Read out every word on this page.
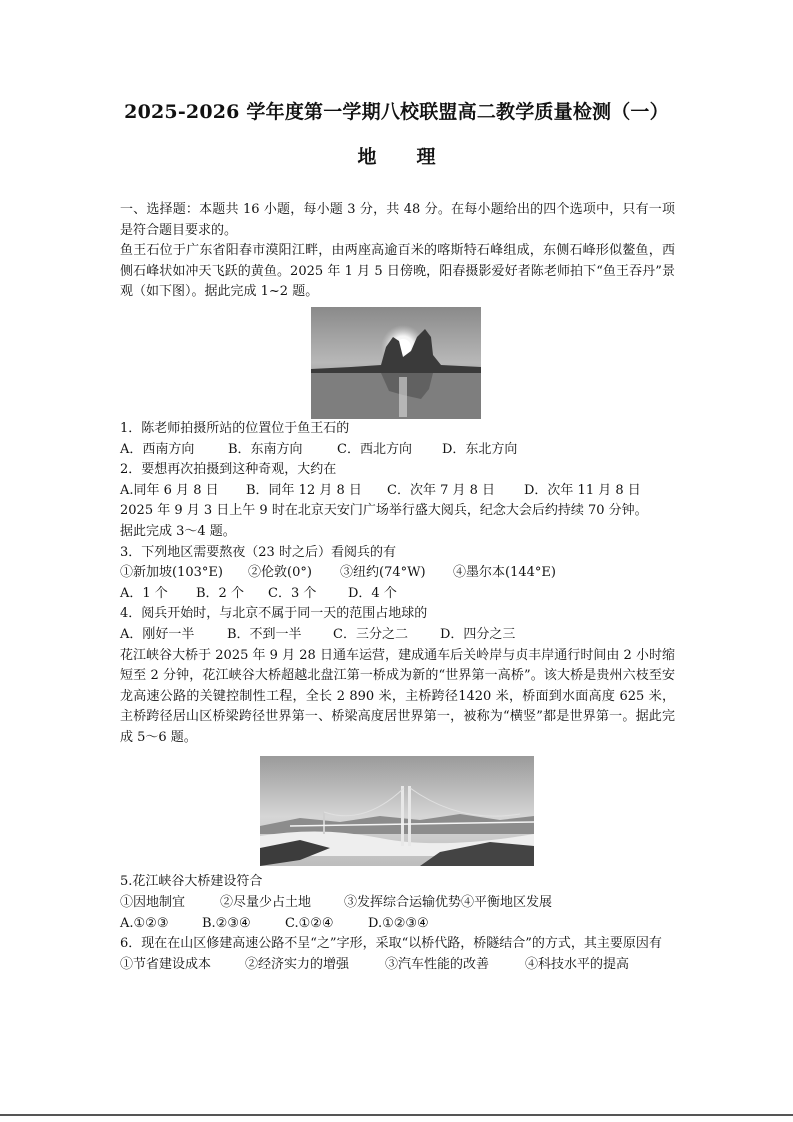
2025-2026 学年度第一学期八校联盟高二教学质量检测（一）
地 理

一、选择题：本题共 16 小题，每小题 3 分，共 48 分。在每小题给出的四个选项中，只有一项是符合题目要求的。

鱼王石位于广东省阳春市漠阳江畔，由两座高逾百米的喀斯特石峰组成，东侧石峰形似鳌鱼，西侧石峰状如冲天飞跃的黄鱼。2025 年 1 月 5 日傍晚，阳春摄影爱好者陈老师拍下“鱼王吞丹”景观（如下图）。据此完成 1~2 题。

1．陈老师拍摄所站的位置位于鱼王石的

A．西南方向	B．东南方向	C．西北方向 D．东北方向

2．要想再次拍摄到这种奇观，大约在

A.同年 6 月 8 日 B．同年 12 月 8 日 C．次年 7 月 8 日 D．次年 11 月 8 日

2025 年 9 月 3 日上午 9 时在北京天安门广场举行盛大阅兵，纪念大会后约持续 70 分钟。

据此完成 3～4 题。

3．下列地区需要熬夜（23 时之后）看阅兵的有

①新加坡(103°E) ②伦敦(0°) ③纽约(74°W) ④墨尔本(144°E)

A．1 个 B．2 个 C．3 个 D．4 个

4．阅兵开始时，与北京不属于同一天的范围占地球的

A．刚好一半	B．不到一半 C．三分之二 D．四分之三

花江峡谷大桥于 2025 年 9 月 28 日通车运营，建成通车后关岭岸与贞丰岸通行时间由 2 小时缩短至 2 分钟，花江峡谷大桥超越北盘江第一桥成为新的“世界第一高桥”。该大桥是贵州六枝至安龙高速公路的关键控制性工程，全长 2 890 米，主桥跨径1420 米，桥面到水面高度 625 米，主桥跨径居山区桥梁跨径世界第一、桥梁高度居世界第一，被称为“横竖”都是世界第一。据此完成 5～6 题。

5.花江峡谷大桥建设符合

①因地制宜	②尽量少占土地	③发挥综合运输优势④平衡地区发展

A.①②③	B.②③④	C.①②④	D.①②③④

6．现在在山区修建高速公路不呈“之”字形，采取“以桥代路，桥隧结合”的方式，其主要原因有

①节省建设成本	②经济实力的增强	③汽车性能的改善	④科技水平的提高
